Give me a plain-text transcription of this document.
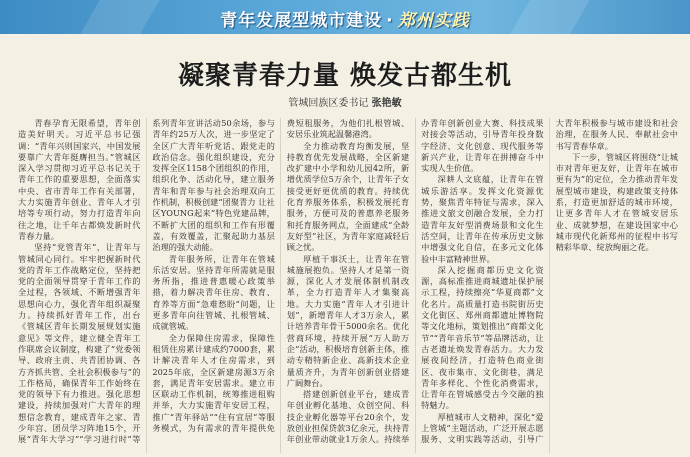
青年发展型城市建设 · 郑州实践
凝聚青春力量 焕发古都生机
管城回族区委书记 张艳敏

青春孕育无限希望，青年创造美好明天。习近平总书记强调：“青年兴则国家兴，中国发展要靠广大青年挺膺担当。”管城区深入学习贯彻习近平总书记关于青年工作的重要思想，全面落实中央、省市青年工作有关部署，大力实施青年创业、青年人才引培等专项行动，努力打造青年向往之地，让千年古都焕发新时代青春力量。

坚持“党管青年”，让青年与管城同心同行。牢牢把握新时代党的青年工作战略定位，坚持把党的全面领导贯穿于青年工作的全过程，各领域、不断增强青年思想向心力，强化青年组织凝聚力。持续抓好青年工作，出台《管城区青年长期发展规划实施意见》等文件，建立健全青年工作联席会议制度，构建了“党委领导、政府主责、共青团协调、各方齐抓共管、全社会积极参与”的工作格局，确保青年工作始终在党的领导下有力推进。强化思想建设，持续加强对广大青年的理想信念教育，建成青年之家、青少年宫、团员学习阵地15个，开展“青年大学习”“学习进行时”等系列青年宣讲活动50余场，参与青年约25万人次，进一步坚定了全区广大青年听党话、跟党走的政治信念。强化组织建设，充分发挥全区1158个团组织的作用，组织化争、活动化导，建立服务青年和青年参与社会治理双向工作机制，积极创建“团聚青力 让社区YOUNG起来”特色党建品牌，不断扩大团的组织和工作有形覆盖，有效覆盖，汇聚起助力基层治理的强大动能。

青年服务所，让青年在管城乐活安居。坚持青年所需就是服务所指，推进普惠暖心政策举措，着力解决青年住房、教育、育养等方面“急难愁盼”问题，让更多青年向往管城、扎根管城、成就管城。

全力保障住房需求，保障性租赁住房累计建成约7000套，累计解决青年人才住房需求，到2025年底，全区新建房源3万余套，满足青年安居需求。建立市区联动工作机制，统筹推进租购并举，大力实施青年安居工程，推广“青年驿站”“住有宜居”等服务模式，为有需求的青年提供免费短租服务，为他们扎根管城、安居乐业筑起温馨港湾。

全力推动教育均衡发展，坚持教育优先发展战略，全区新建改扩建中小学和幼儿园42所，新增优质学位5万余个，让青年子女接受更好更优质的教育。持续优化育养服务体系，积极发展托育服务，方便可及的普惠养老服务和托育服务网点，全面建成“全龄友好型”社区，为青年家庭减轻后顾之忧。

厚植干事沃土，让青年在管城施展抱负。坚持人才是第一资源，深化人才发展体制机制改革，全力打造青年人才集聚高地。大力实施“青年人才引进计划”，新增青年人才3万余人，累计培养青年骨干5000余名。优化营商环境，持续开展“万人助万企”活动，积极培育创新主体，推动专精特新企业、高新技术企业量质齐升，为青年创新创业搭建广阔舞台。

搭建创新创业平台，建成青年创业孵化基地、众创空间、科技企业孵化器等平台20余个，发放创业担保贷款3亿余元，扶持青年创业带动就业1万余人。持续举办青年创新创业大赛、科技成果对接会等活动，引导青年投身数字经济、文化创意、现代服务等新兴产业，让青年在拼搏奋斗中实现人生价值。

深耕人文底蕴，让青年在管城乐游活享。发挥文化资源优势，聚焦青年特征与需求，深入推进文旅文创融合发展，全力打造青年友好型消费场景和文化生活空间，让青年在传承历史文脉中增强文化自信，在多元文化体验中丰富精神世界。

深入挖掘商都历史文化资源，高标准推进商城遗址保护展示工程，持续擦亮“华夏商都”文化名片。高质量打造书院街历史文化街区、郑州商都遗址博物院等文化地标，策划推出“商都文化节”“青年音乐节”等品牌活动，让古老遗址焕发青春活力。大力发展夜间经济，打造特色商业街区、夜市集市、文化街巷，满足青年多样化、个性化消费需求，让青年在管城感受古今交融的独特魅力。

厚植城市人文精神，深化“爱上管城”主题活动，广泛开展志愿服务、文明实践等活动，引导广大青年积极参与城市建设和社会治理，在服务人民、奉献社会中书写青春华章。

下一步，管城区将围绕“让城市对青年更友好，让青年在城市更有为”的定位，全力推动青年发展型城市建设，构建政策支持体系，打造更加舒适的城市环境，让更多青年人才在管城安居乐业、成就梦想，在建设国家中心城市现代化新郑州的征程中书写精彩华章、绽放绚丽之花。
